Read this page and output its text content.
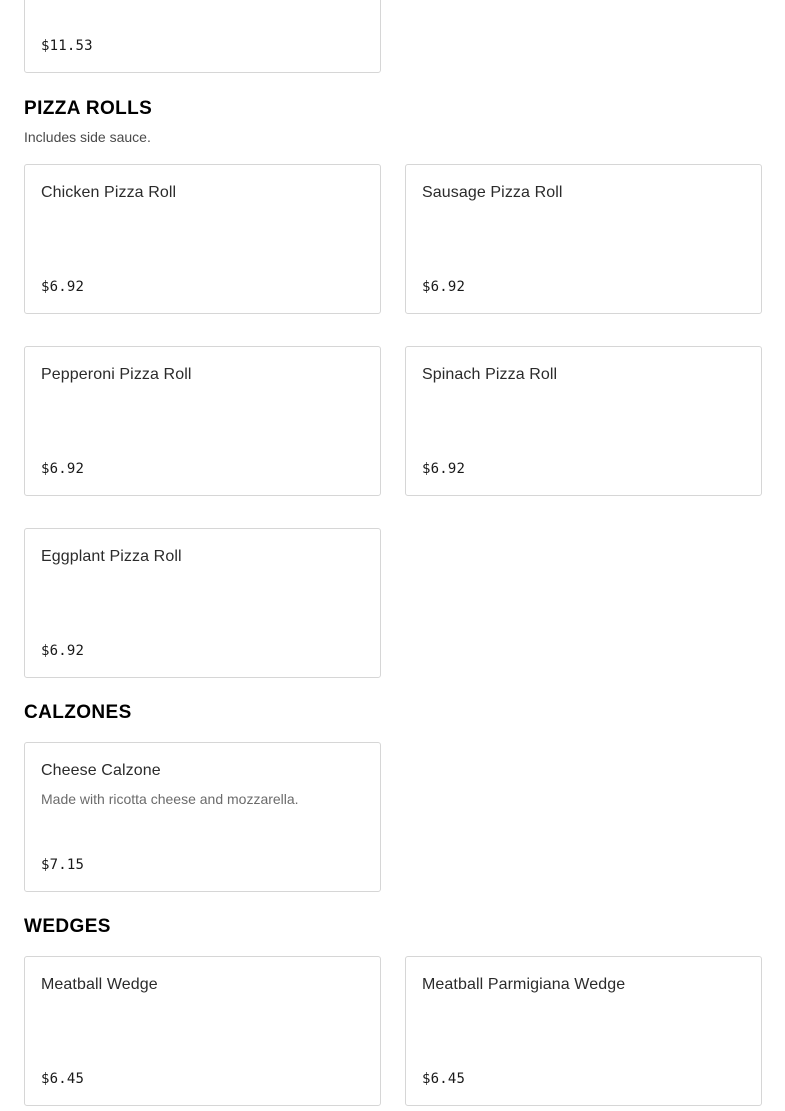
$11.53
PIZZA ROLLS

Includes side sauce.

Chicken Pizza Roll
$6.92
Sausage Pizza Roll
$6.92
Pepperoni Pizza Roll
$6.92
Spinach Pizza Roll
$6.92
Eggplant Pizza Roll
$6.92
CALZONES
Cheese Calzone
Made with ricotta cheese and mozzarella.
$7.15
WEDGES
Meatball Wedge
$6.45
Meatball Parmigiana Wedge
$6.45
